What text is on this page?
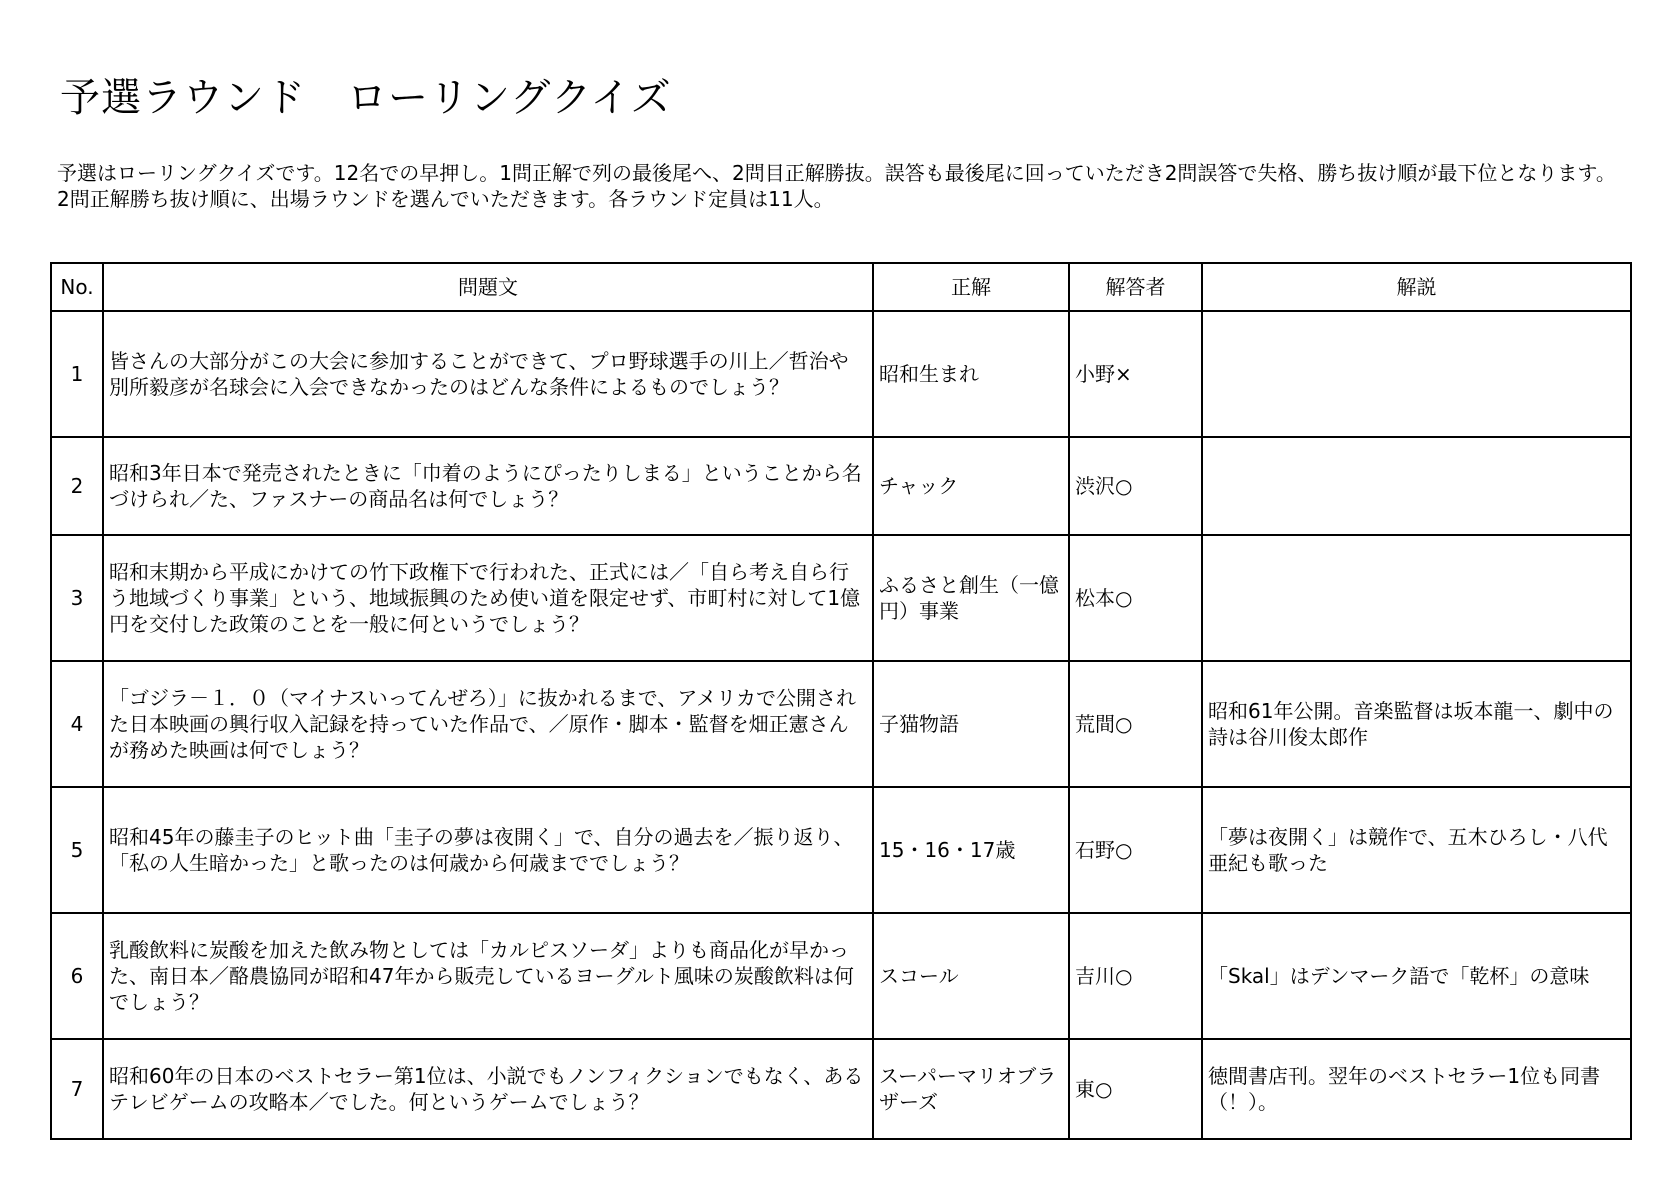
予選ラウンド　ローリングクイズ
予選はローリングクイズです。12名での早押し。1問正解で列の最後尾へ、2問目正解勝抜。誤答も最後尾に回っていただき2問誤答で失格、勝ち抜け順が最下位となります。
2問正解勝ち抜け順に、出場ラウンドを選んでいただきます。各ラウンド定員は11人。
No.	問題文	正解	解答者	解説
1	皆さんの大部分がこの大会に参加することができて、プロ野球選手の川上／哲治や別所毅彦が名球会に入会できなかったのはどんな条件によるものでしょう？	昭和生まれ	小野×	
2	昭和3年日本で発売されたときに「巾着のようにぴったりしまる」ということから名づけられ／た、ファスナーの商品名は何でしょう？	チャック	渋沢○	
3	昭和末期から平成にかけての竹下政権下で行われた、正式には／「自ら考え自ら行う地域づくり事業」という、地域振興のため使い道を限定せず、市町村に対して1億円を交付した政策のことを一般に何というでしょう？	ふるさと創生（一億円）事業	松本○	
4	「ゴジラ－１．０（マイナスいってんぜろ）」に抜かれるまで、アメリカで公開された日本映画の興行収入記録を持っていた作品で、／原作・脚本・監督を畑正憲さんが務めた映画は何でしょう？	子猫物語	荒間○	昭和61年公開。音楽監督は坂本龍一、劇中の詩は谷川俊太郎作
5	昭和45年の藤圭子のヒット曲「圭子の夢は夜開く」で、自分の過去を／振り返り、「私の人生暗かった」と歌ったのは何歳から何歳まででしょう？	15・16・17歳	石野○	「夢は夜開く」は競作で、五木ひろし・八代亜紀も歌った
6	乳酸飲料に炭酸を加えた飲み物としては「カルピスソーダ」よりも商品化が早かった、南日本／酪農協同が昭和47年から販売しているヨーグルト風味の炭酸飲料は何でしょう？	スコール	吉川○	「Skal」はデンマーク語で「乾杯」の意味
7	昭和60年の日本のベストセラー第1位は、小説でもノンフィクションでもなく、あるテレビゲームの攻略本／でした。何というゲームでしょう？	スーパーマリオブラザーズ	東○	徳間書店刊。翌年のベストセラー1位も同書（！）。
